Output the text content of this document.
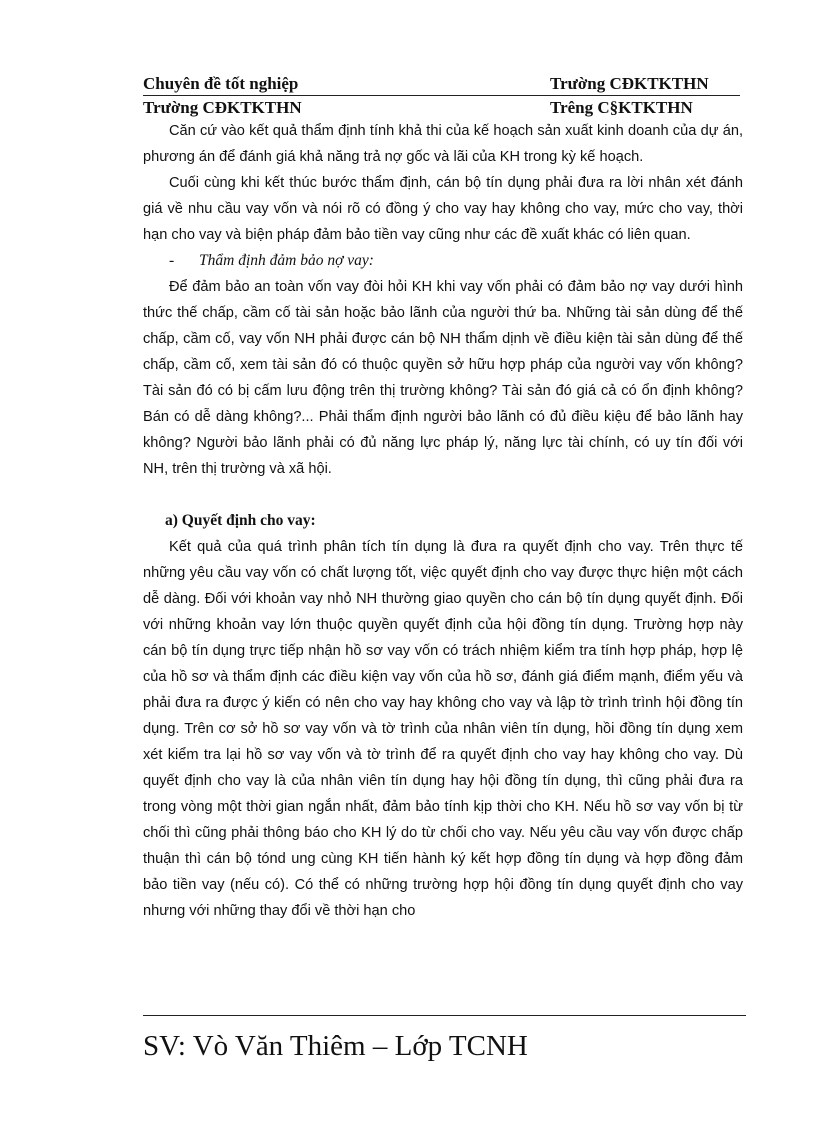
Chuyên đề tốt nghiệp	Trường CĐKTKTHN
Trường CĐKTKTHN	Trêng C§KTKTHN

Căn cứ vào kết quả thẩm định tính khả thi của kế hoạch sản xuất kinh doanh của dự án, phương án để đánh giá khả năng trả nợ gốc và lãi của KH trong kỳ kế hoạch.

Cuối cùng khi kết thúc bước thẩm định, cán bộ tín dụng phải đưa ra lời nhân xét đánh giá về nhu cầu vay vốn và nói rõ có đồng ý cho vay hay không cho vay, mức cho vay, thời hạn cho vay và biện pháp đảm bảo tiền vay cũng như các đề xuất khác có liên quan.

- Thẩm định đảm bảo nợ vay:

Để đảm bảo an toàn vốn vay đòi hỏi KH khi vay vốn phải có đảm bảo nợ vay dưới hình thức thế chấp, cầm cố tài sản hoặc bảo lãnh của người thứ ba. Những tài sản dùng để thế chấp, cầm cố, vay vốn NH phải được cán bộ NH thẩm dịnh về điều kiện tài sản dùng để thế chấp, cầm cố, xem tài sản đó có thuộc quyền sở hữu hợp pháp của người vay vốn không? Tài sản đó có bị cấm lưu động trên thị trường không? Tài sản đó giá cả có ổn định không? Bán có dễ dàng không?... Phải thẩm định người bảo lãnh có đủ điều kiệu để bảo lãnh hay không? Người bảo lãnh phải có đủ năng lực pháp lý, năng lực tài chính, có uy tín đối với NH, trên thị trường và xã hội.

a) Quyết định cho vay:

Kết quả của quá trình phân tích tín dụng là đưa ra quyết định cho vay. Trên thực tế những yêu cầu vay vốn có chất lượng tốt, việc quyết định cho vay được thực hiện một cách dễ dàng. Đối với khoản vay nhỏ NH thường giao quyền cho cán bộ tín dụng quyết định. Đối với những khoản vay lớn thuộc quyền quyết định của hội đồng tín dụng. Trường hợp này cán bộ tín dụng trực tiếp nhận hồ sơ vay vốn có trách nhiệm kiểm tra tính hợp pháp, hợp lệ của hồ sơ và thẩm định các điều kiện vay vốn của hồ sơ, đánh giá điểm mạnh, điểm yếu và phải đưa ra được ý kiến có nên cho vay hay không cho vay và lập tờ trình trình hội đồng tín dụng. Trên cơ sở hồ sơ vay vốn và tờ trình của nhân viên tín dụng, hồi đồng tín dụng xem xét kiểm tra lại hồ sơ vay vốn và tờ trình để ra quyết định cho vay hay không cho vay. Dù quyết định cho vay là của nhân viên tín dụng hay hội đồng tín dụng, thì cũng phải đưa ra trong vòng một thời gian ngắn nhất, đảm bảo tính kịp thời cho KH. Nếu hồ sơ vay vốn bị từ chối thì cũng phải thông báo cho KH lý do từ chối cho vay. Nếu yêu cầu vay vốn được chấp thuận thì cán bộ tónd ung cùng KH tiến hành ký kết hợp đồng tín dụng và hợp đồng đảm bảo tiền vay (nếu có). Có thể có những trường hợp hội đồng tín dụng quyết định cho vay nhưng với những thay đổi về thời hạn cho

SV: Vò Văn Thiêm – Lớp TCNH
